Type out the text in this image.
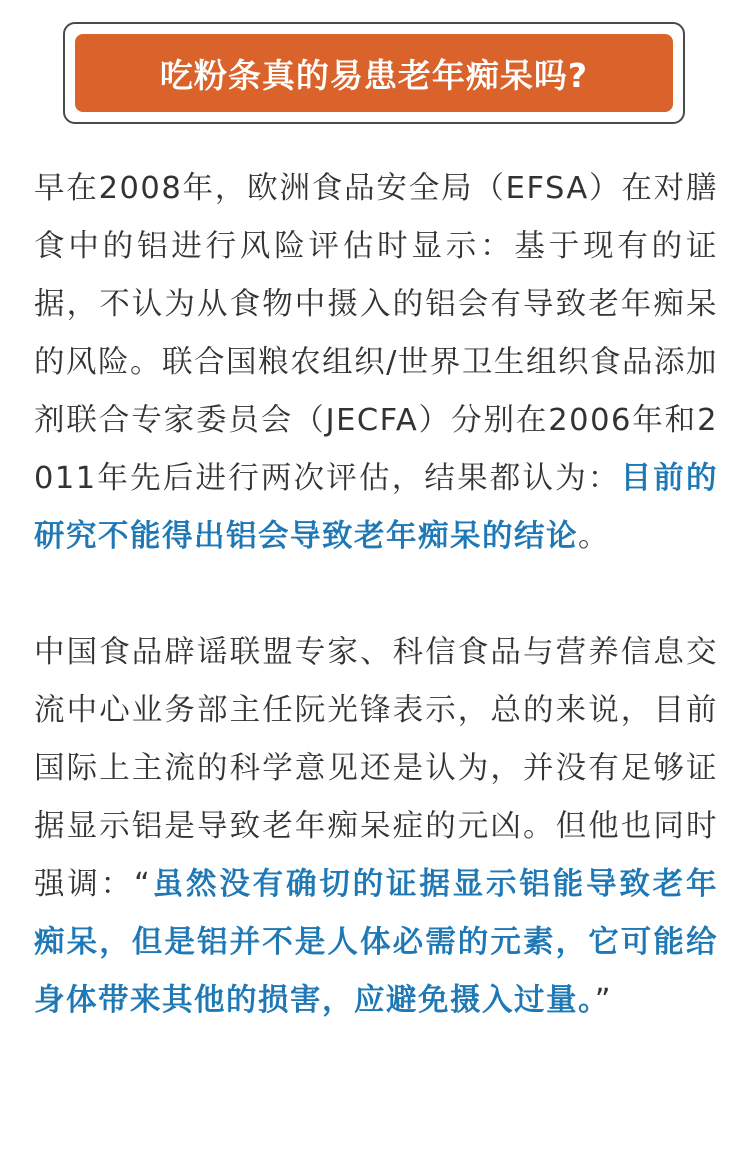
吃粉条真的易患老年痴呆吗?

早在2008年，欧洲食品安全局（EFSA）在对膳食中的铝进行风险评估时显示：基于现有的证据，不认为从食物中摄入的铝会有导致老年痴呆的风险。联合国粮农组织/世界卫生组织食品添加剂联合专家委员会（JECFA）分别在2006年和2011年先后进行两次评估，结果都认为：目前的研究不能得出铝会导致老年痴呆的结论。

中国食品辟谣联盟专家、科信食品与营养信息交流中心业务部主任阮光锋表示，总的来说，目前国际上主流的科学意见还是认为，并没有足够证据显示铝是导致老年痴呆症的元凶。但他也同时强调：“虽然没有确切的证据显示铝能导致老年痴呆，但是铝并不是人体必需的元素，它可能给身体带来其他的损害，应避免摄入过量。”
